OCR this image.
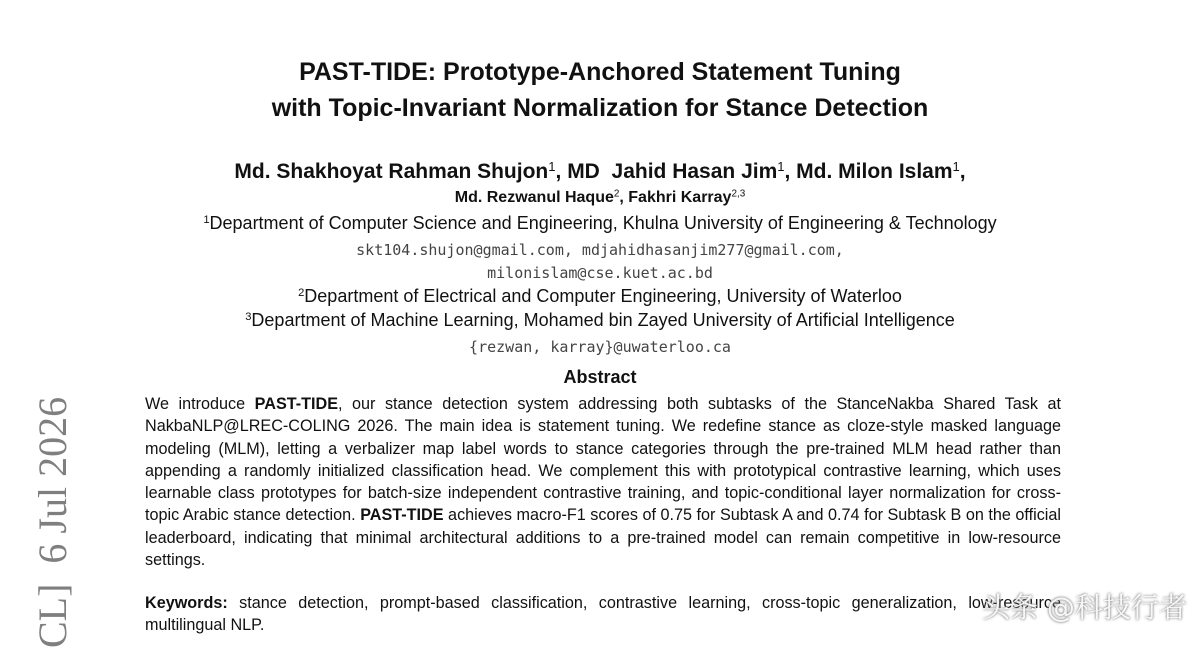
PAST-TIDE: Prototype-Anchored Statement Tuning
with Topic-Invariant Normalization for Stance Detection
Md. Shakhoyat Rahman Shujon$^1$, MD  Jahid Hasan Jim$^1$, Md. Milon Islam$^1$,
Md. Rezwanul Haque$^2$, Fakhri Karray$^{2,3}$
$^1$Department of Computer Science and Engineering, Khulna University of Engineering & Technology
skt104.shujon@gmail.com, mdjahidhasanjim277@gmail.com,
milonislam@cse.kuet.ac.bd
$^2$Department of Electrical and Computer Engineering, University of Waterloo
$^3$Department of Machine Learning, Mohamed bin Zayed University of Artificial Intelligence
{rezwan, karray}@uwaterloo.ca
Abstract
We introduce PAST-TIDE, our stance detection system addressing both subtasks of the StanceNakba Shared Task at NakbaNLP@LREC-COLING 2026. The main idea is statement tuning. We redefine stance as cloze-style masked language modeling (MLM), letting a verbalizer map label words to stance categories through the pre-trained MLM head rather than appending a randomly initialized classification head. We complement this with prototypical contrastive learning, which uses learnable class prototypes for batch-size independent contrastive training, and topic-conditional layer normalization for cross-topic Arabic stance detection. PAST-TIDE achieves macro-F1 scores of 0.75 for Subtask A and 0.74 for Subtask B on the official leaderboard, indicating that minimal architectural additions to a pre-trained model can remain competitive in low-resource settings.
Keywords: stance detection, prompt-based classification, contrastive learning, cross-topic generalization, low-resource multilingual NLP.
CL]  6 Jul 2026	头条 @科技行者
